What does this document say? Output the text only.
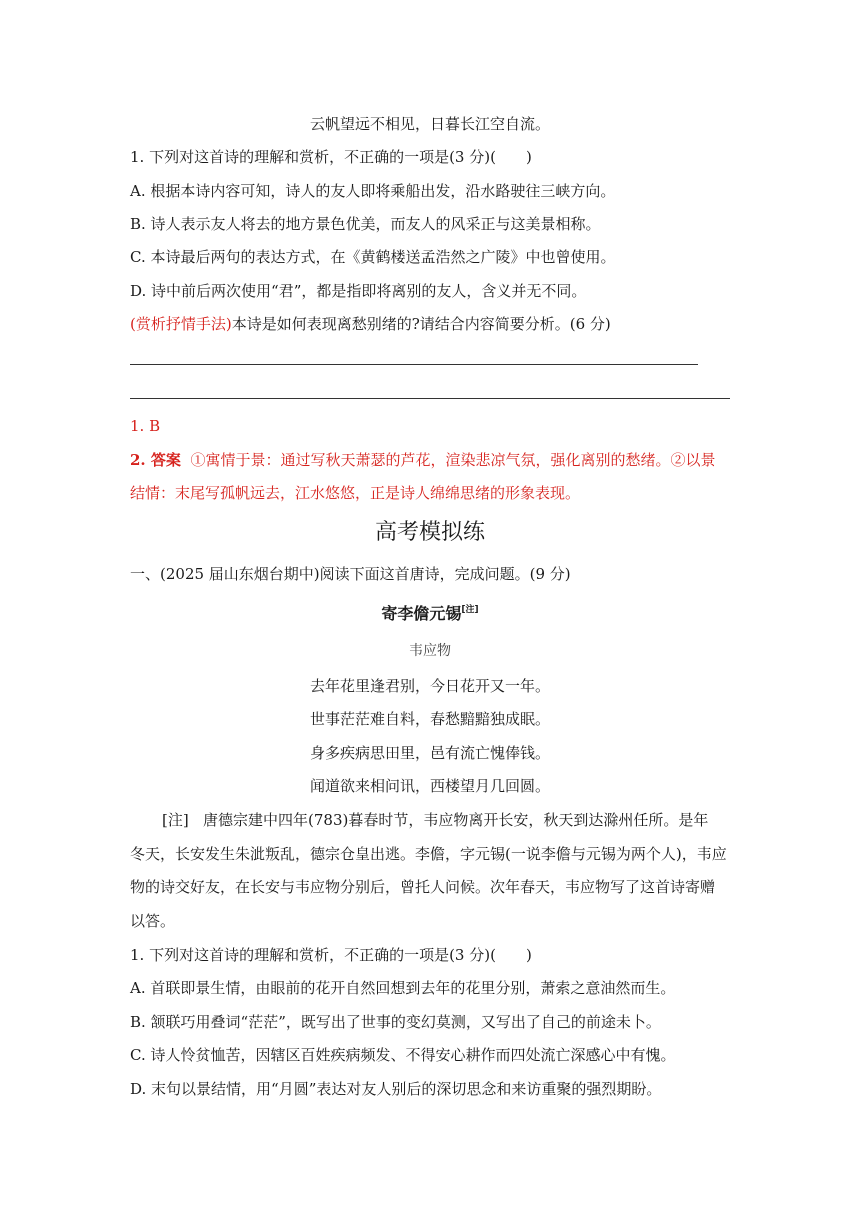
云帆望远不相见，日暮长江空自流。
1. 下列对这首诗的理解和赏析，不正确的一项是(3 分)(　　)
A. 根据本诗内容可知，诗人的友人即将乘船出发，沿水路驶往三峡方向。
B. 诗人表示友人将去的地方景色优美，而友人的风采正与这美景相称。
C. 本诗最后两句的表达方式，在《黄鹤楼送孟浩然之广陵》中也曾使用。
D. 诗中前后两次使用“君”，都是指即将离别的友人，含义并无不同。
(赏析抒情手法)本诗是如何表现离愁别绪的?请结合内容简要分析。(6 分)
1. B
2. 答案 ①寓情于景：通过写秋天萧瑟的芦花，渲染悲凉气氛，强化离别的愁绪。②以景
结情：末尾写孤帆远去，江水悠悠，正是诗人绵绵思绪的形象表现。
高考模拟练
一、(2025 届山东烟台期中)阅读下面这首唐诗，完成问题。(9 分)
寄李儋元锡[注]
韦应物
去年花里逢君别，今日花开又一年。
世事茫茫难自料，春愁黯黯独成眠。
身多疾病思田里，邑有流亡愧俸钱。
闻道欲来相问讯，西楼望月几回圆。
[注] 唐德宗建中四年(783)暮春时节，韦应物离开长安，秋天到达滁州任所。是年
冬天，长安发生朱泚叛乱，德宗仓皇出逃。李儋，字元锡(一说李儋与元锡为两个人)，韦应
物的诗交好友，在长安与韦应物分别后，曾托人问候。次年春天，韦应物写了这首诗寄赠
以答。
1. 下列对这首诗的理解和赏析，不正确的一项是(3 分)(　　)
A. 首联即景生情，由眼前的花开自然回想到去年的花里分别，萧索之意油然而生。
B. 颔联巧用叠词“茫茫”，既写出了世事的变幻莫测，又写出了自己的前途未卜。
C. 诗人怜贫恤苦，因辖区百姓疾病频发、不得安心耕作而四处流亡深感心中有愧。
D. 末句以景结情，用“月圆”表达对友人别后的深切思念和来访重聚的强烈期盼。
